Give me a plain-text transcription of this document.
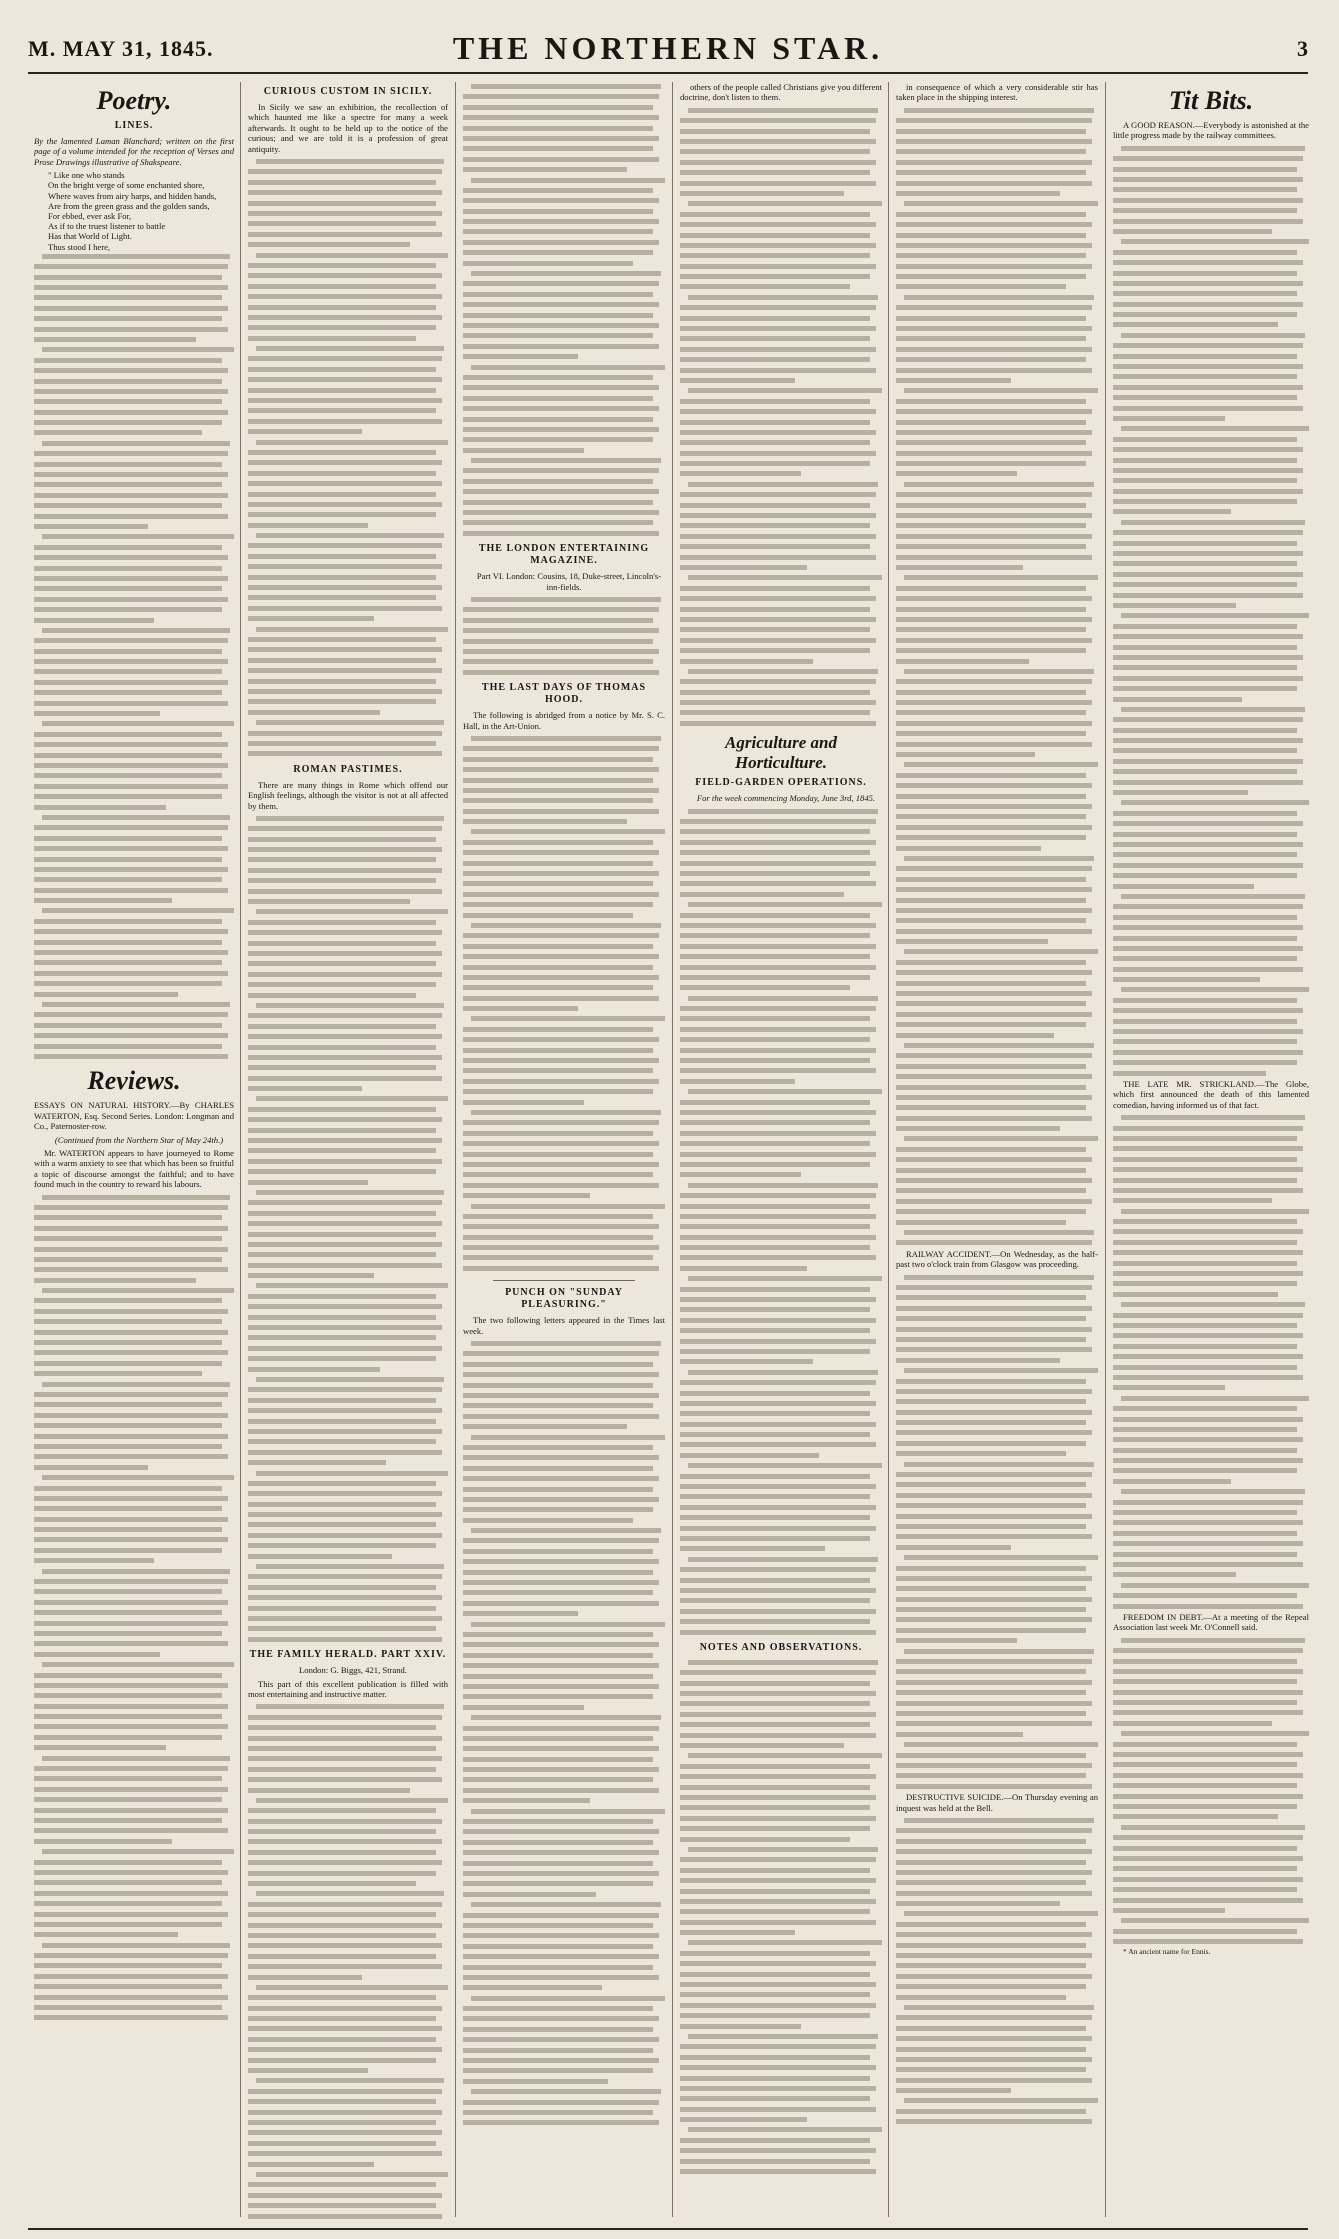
M. MAY 31, 1845.	THE NORTHERN STAR.	3
Poetry.
LINES.

By the lamented Laman Blanchard; written on the first page of a volume intended for the reception of Verses and Prose Drawings illustrative of Shakspeare.

" Like one who stands
On the bright verge of some enchanted shore,
Where waves from airy harps, and hidden hands,
Are from the green grass and the golden sands,
For ebbed, ever ask For,
As if to the truest listener to battle
Has that World of Light.
Thus stood I here,
Reviews.

ESSAYS ON NATURAL HISTORY.—By CHARLES WATERTON, Esq. Second Series. London: Longman and Co., Paternoster-row.

(Continued from the Northern Star of May 24th.)

Mr. WATERTON appears to have journeyed to Rome with a warm anxiety to see that which has been so fruitful a topic of discourse amongst the faithful; and to have found much in the country to reward his labours.

CURIOUS CUSTOM IN SICILY.

In Sicily we saw an exhibition, the recollection of which haunted me like a spectre for many a week afterwards. It ought to be held up to the notice of the curious; and we are told it is a profession of great antiquity.

ROMAN PASTIMES.

There are many things in Rome which offend our English feelings, although the visitor is not at all affected by them.

THE FAMILY HERALD. PART XXIV.

London: G. Biggs, 421, Strand.

This part of this excellent publication is filled with most entertaining and instructive matter.

THE LONDON ENTERTAINING MAGAZINE.

Part VI. London: Cousins, 18, Duke-street, Lincoln's-inn-fields.

THE LAST DAYS OF THOMAS HOOD.

The following is abridged from a notice by Mr. S. C. Hall, in the Art-Union.

PUNCH ON "SUNDAY PLEASURING."

The two following letters appeared in the Times last week.

others of the people called Christians give you different doctrine, don't listen to them.

Agriculture and Horticulture.
FIELD-GARDEN OPERATIONS.

For the week commencing Monday, June 3rd, 1845.

NOTES AND OBSERVATIONS.

in consequence of which a very considerable stir has taken place in the shipping interest.

RAILWAY ACCIDENT.—On Wednesday, as the half-past two o'clock train from Glasgow was proceeding.

DESTRUCTIVE SUICIDE.—On Thursday evening an inquest was held at the Bell.

Tit Bits.

A GOOD REASON.—Everybody is astonished at the little progress made by the railway committees.

THE LATE MR. STRICKLAND.—The Globe, which first announced the death of this lamented comedian, having informed us of that fact.

FREEDOM IN DEBT.—At a meeting of the Repeal Association last week Mr. O'Connell said.

* An ancient name for Ennis.
